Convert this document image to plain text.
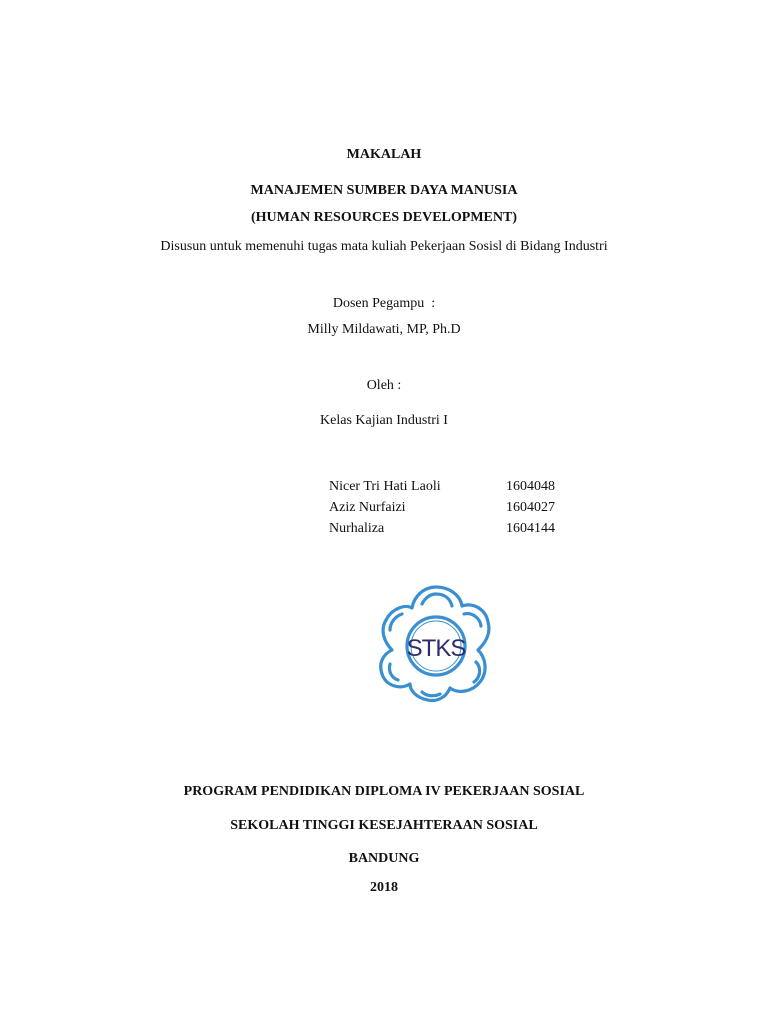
MAKALAH
MANAJEMEN SUMBER DAYA MANUSIA
(HUMAN RESOURCES DEVELOPMENT)
Disusun untuk memenuhi tugas mata kuliah Pekerjaan Sosisl di Bidang Industri
Dosen Pegampu  :
Milly Mildawati, MP, Ph.D
Oleh :
Kelas Kajian Industri I
Nicer Tri Hati Laoli	1604048
Aziz Nurfaizi	1604027
Nurhaliza	1604144
STKS
PROGRAM PENDIDIKAN DIPLOMA IV PEKERJAAN SOSIAL
SEKOLAH TINGGI KESEJAHTERAAN SOSIAL
BANDUNG
2018
